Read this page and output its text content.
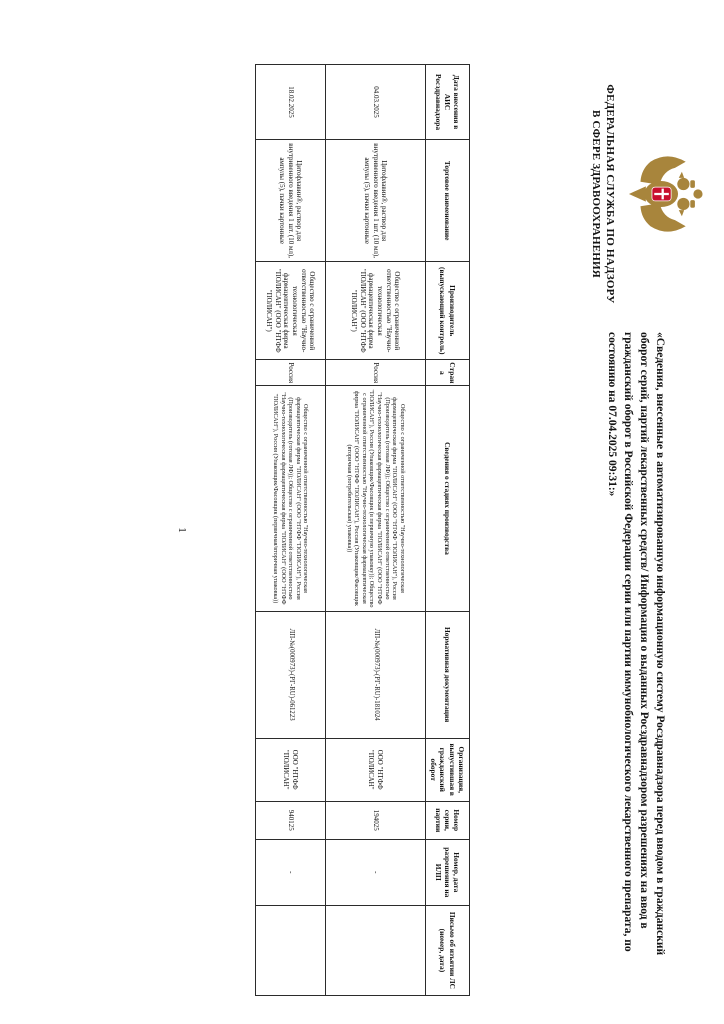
ФЕДЕРАЛЬНАЯ СЛУЖБА ПО НАДЗОРУ
В СФЕРЕ ЗДРАВООХРАНЕНИЯ
«Сведения, внесенные в автоматизированную информационную систему Росздравнадзора перед вводом в гражданский оборот серий, партий лекарственных средств/ Информация о выданных Росздравнадзором разрешениях на ввод в гражданский оборот в Российской Федерации серии или партии иммунобиологического лекарственного препарата, по состоянию на 07.04.2025 09:31:»
Дата внесения в АИС Росздравнадзора	Торговое наименование	Производитель (выпускающий контроль)	Страна	Сведения о стадиях производства	Нормативная документация	Организация, выпустившая в гражданский оборот	Номер серии, партии	Номер, дата разрешения на ИЛП	Письмо об изъятии ЛС (номер, дата)
04.03.2025	Цитофлавин®, раствор для внутривенного введения 1 шт. (10 мл), ампулы (5), пачки картонные	Общество с ограниченной ответственностью "Научно-технологическая фармацевтическая фирма "ПОЛИСАН" (ООО "НТФФ "ПОЛИСАН")	Россия	Общество с ограниченной ответственностью "Научно-технологическая фармацевтическая фирма "ПОЛИСАН" (ООО "НТФФ "ПОЛИСАН"), Россия (Производитель (готовая ЛФ)); Общество с ограниченной ответственностью "Научно-технологическая фармацевтическая фирма "ПОЛИСАН" (ООО "НТФФ "ПОЛИСАН"), Россия (Упаковщик/Фасовщик (в первичную упаковку)); Общество с ограниченной ответственностью "Научно-технологическая фармацевтическая фирма "ПОЛИСАН" (ООО "НТФФ "ПОЛИСАН"), Россия (Упаковщик/Фасовщик (вторичная (потребительская) упаковка))	ЛП-№(000973)-(РГ-RU)-181024	ООО "НТФФ "ПОЛИСАН"	194025	-	
18.02.2025	Цитофлавин®, раствор для внутривенного введения 1 шт. (10 мл), ампулы (5), пачки картонные	Общество с ограниченной ответственностью "Научно-технологическая фармацевтическая фирма "ПОЛИСАН" (ООО "НТФФ "ПОЛИСАН")	Россия	Общество с ограниченной ответственностью "Научно-технологическая фармацевтическая фирма "ПОЛИСАН" (ООО "НТФФ "ПОЛИСАН"), Россия (Производитель (готовая ЛФ)); Общество с ограниченной ответственностью "Научно-технологическая фармацевтическая фирма "ПОЛИСАН" (ООО "НТФФ "ПОЛИСАН"), Россия (Упаковщик/Фасовщик (первичная/вторичная упаковка))	ЛП-№(000973)-(РГ-RU)-061223	ООО "НТФФ "ПОЛИСАН"	940125	-	
1
